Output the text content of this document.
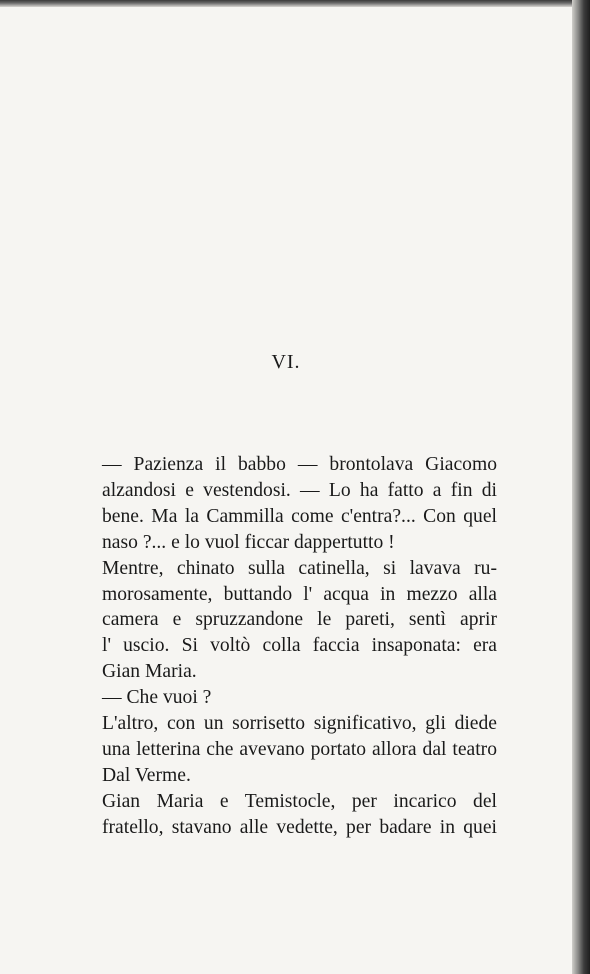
VI.

— Pazienza il babbo — brontolava Giacomo
alzandosi e vestendosi. — Lo ha fatto a fin di
bene. Ma la Cammilla come c'entra?... Con quel
naso ?... e lo vuol ficcar dappertutto !

Mentre, chinato sulla catinella, si lavava ru-
morosamente, buttando l' acqua in mezzo alla
camera e spruzzandone le pareti, sentì aprir
l' uscio. Si voltò colla faccia insaponata: era
Gian Maria.

— Che vuoi ?

L'altro, con un sorrisetto significativo, gli diede
una letterina che avevano portato allora dal teatro
Dal Verme.

Gian Maria e Temistocle, per incarico del
fratello, stavano alle vedette, per badare in quei
